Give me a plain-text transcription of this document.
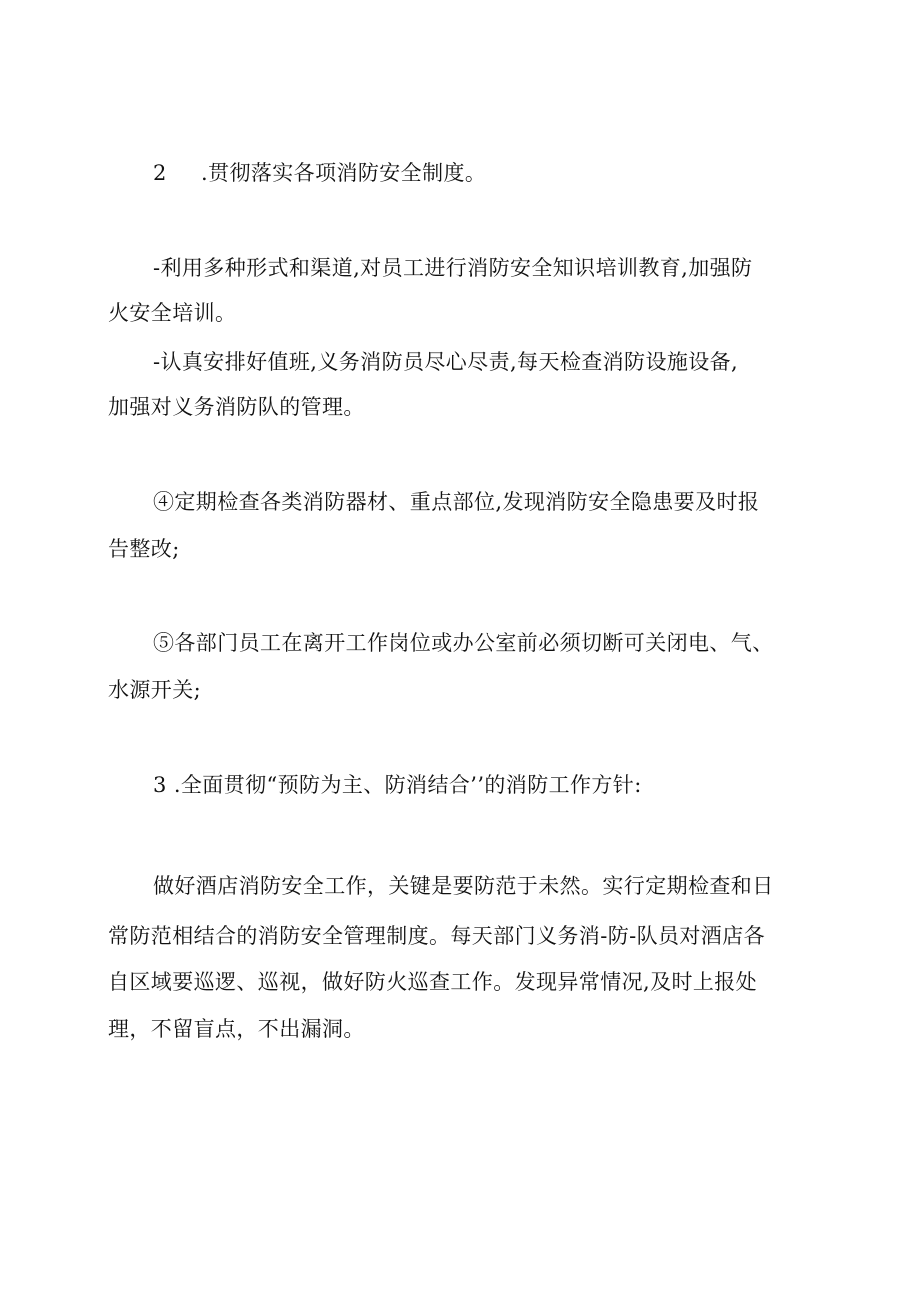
2 .贯彻落实各项消防安全制度。
-利用多种形式和渠道,对员工进行消防安全知识培训教育,加强防
火安全培训。
-认真安排好值班,义务消防员尽心尽责,每天检查消防设施设备,
加强对义务消防队的管理。
④定期检查各类消防器材、重点部位,发现消防安全隐患要及时报
告整改;
⑤各部门员工在离开工作岗位或办公室前必须切断可关闭电、气、
水源开关;
3 .全面贯彻“预防为主、防消结合’’的消防工作方针:
做好酒店消防安全工作，关键是要防范于未然。实行定期检查和日
常防范相结合的消防安全管理制度。每天部门义务消-防-队员对酒店各
自区域要巡逻、巡视，做好防火巡查工作。发现异常情况,及时上报处
理，不留盲点，不出漏洞。
